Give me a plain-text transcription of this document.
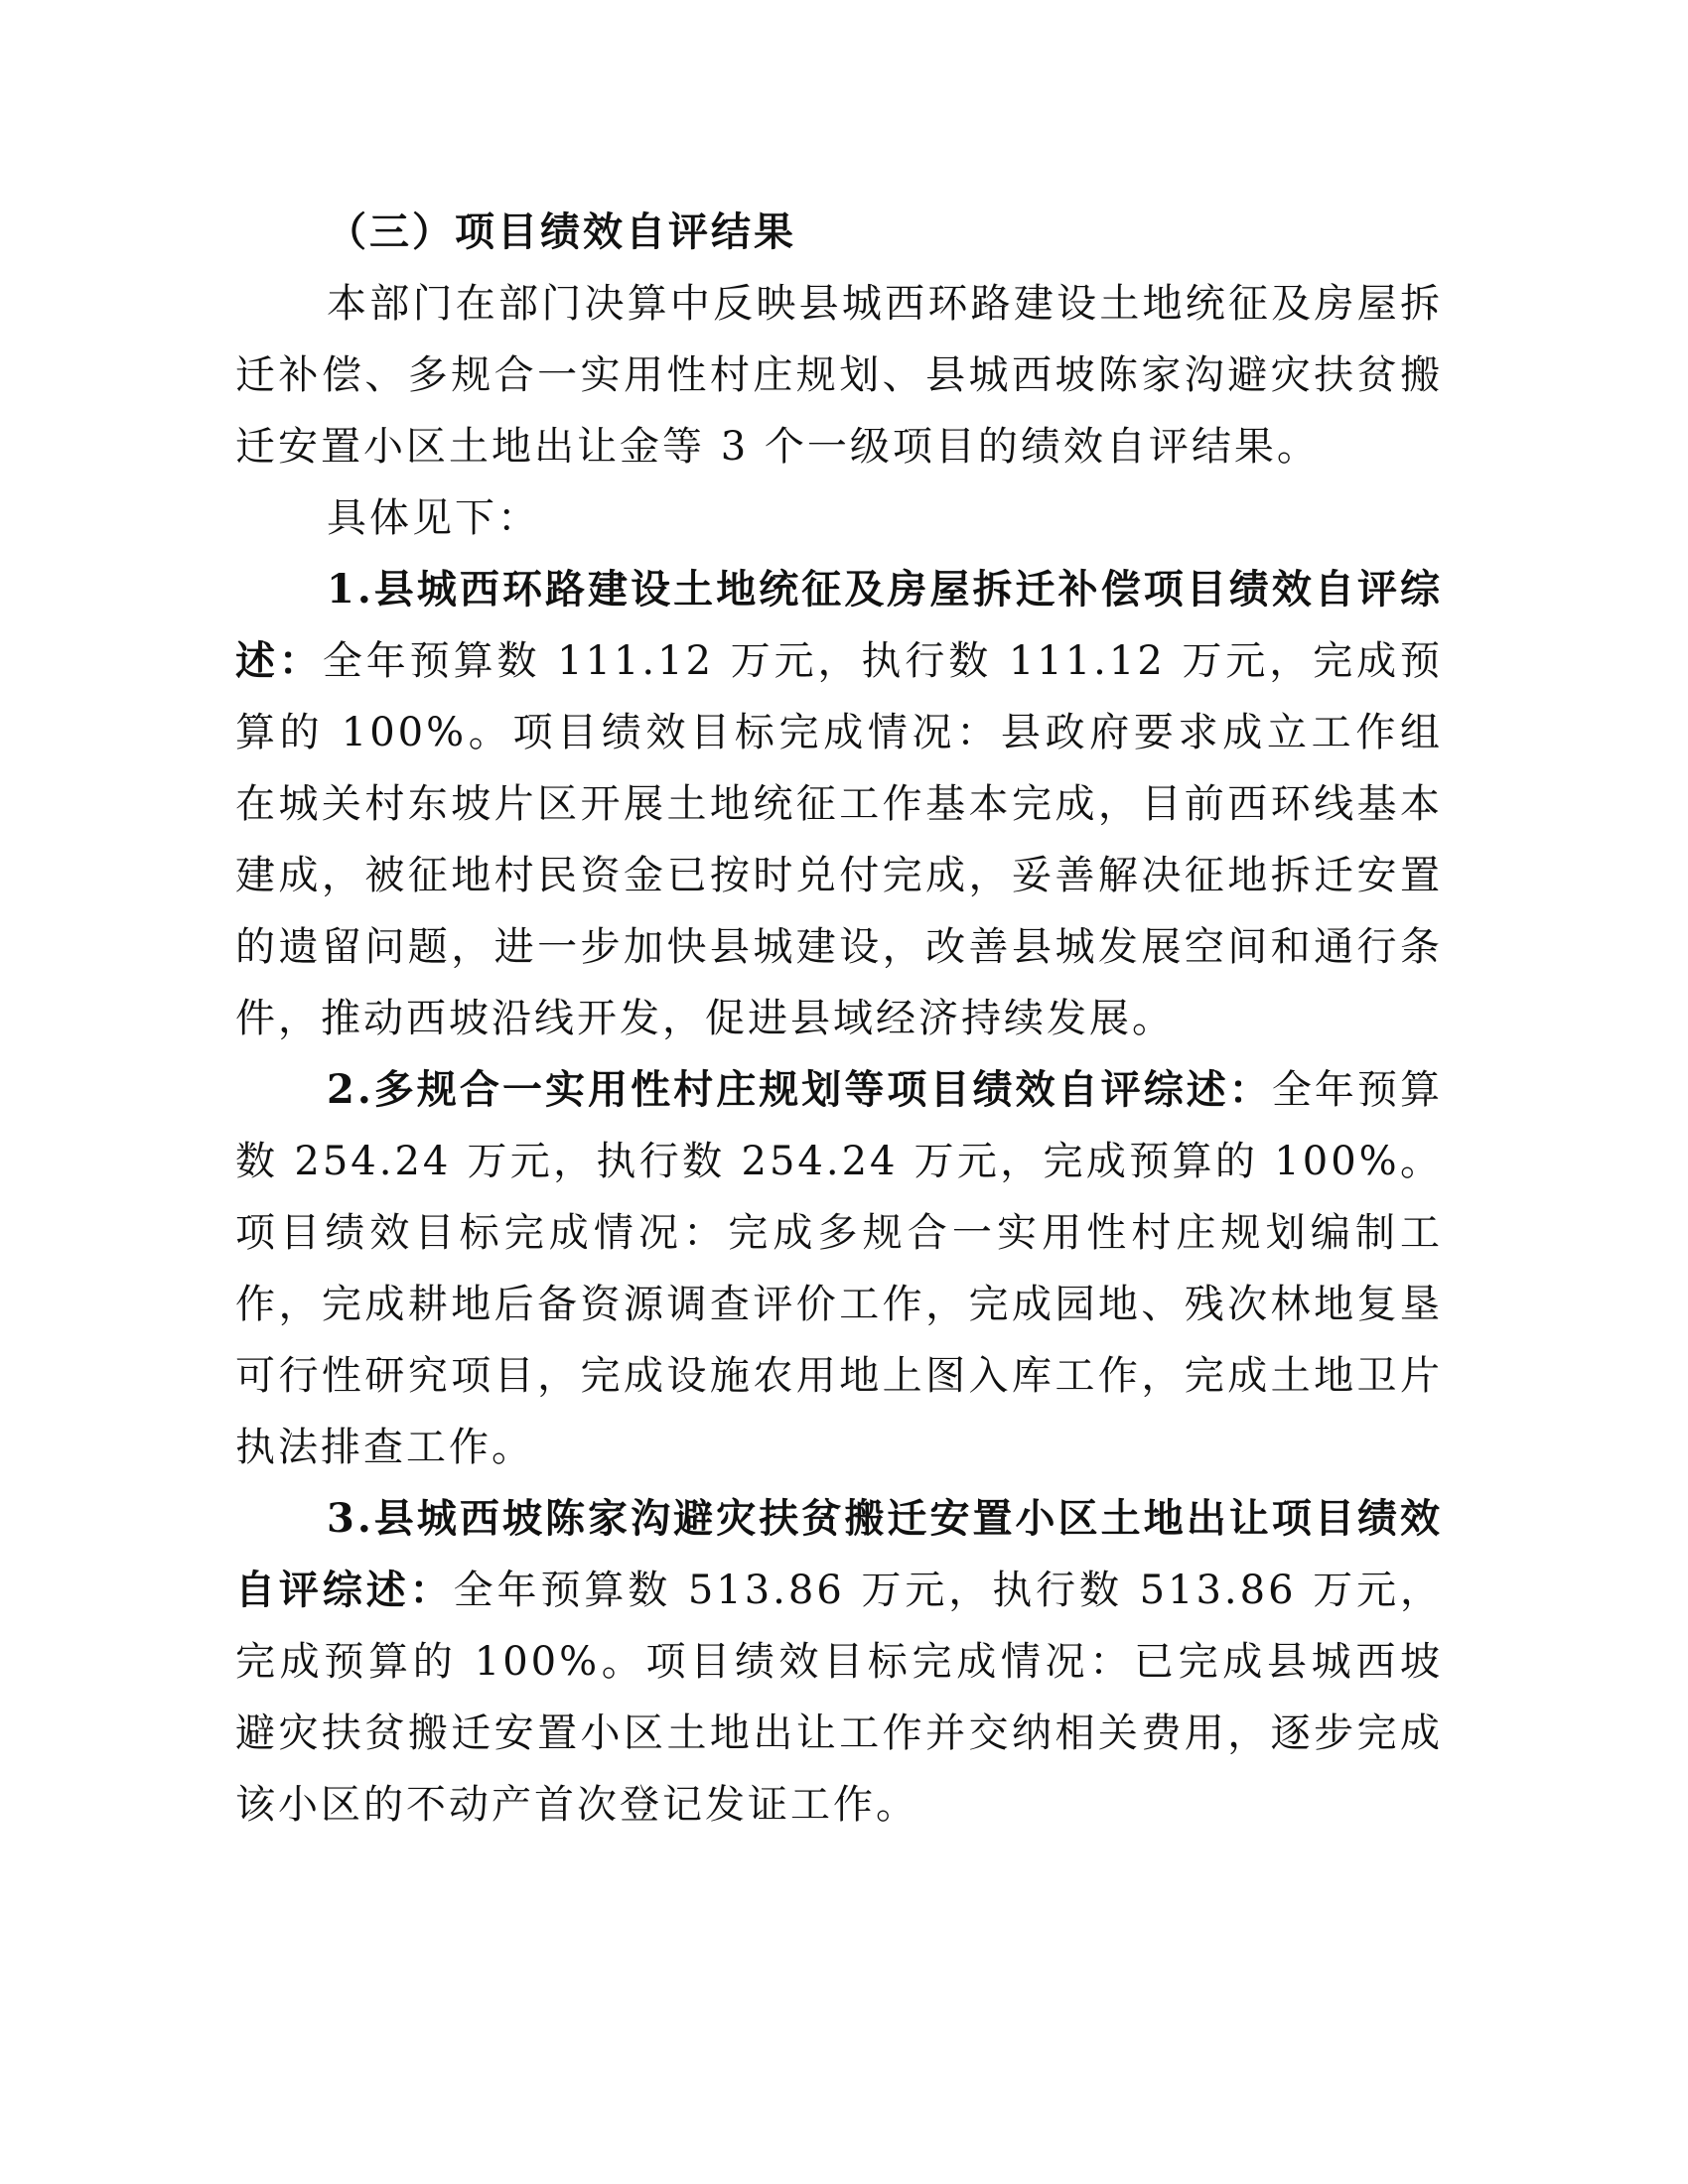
（三）项目绩效自评结果

本部门在部门决算中反映县城西环路建设土地统征及房屋拆迁补偿、多规合一实用性村庄规划、县城西坡陈家沟避灾扶贫搬迁安置小区土地出让金等 3 个一级项目的绩效自评结果。

具体见下：

1.县城西环路建设土地统征及房屋拆迁补偿项目绩效自评综述：全年预算数 111.12 万元，执行数 111.12 万元，完成预算的 100%。项目绩效目标完成情况：县政府要求成立工作组在城关村东坡片区开展土地统征工作基本完成，目前西环线基本建成，被征地村民资金已按时兑付完成，妥善解决征地拆迁安置的遗留问题，进一步加快县城建设，改善县城发展空间和通行条件，推动西坡沿线开发，促进县域经济持续发展。

2.多规合一实用性村庄规划等项目绩效自评综述：全年预算数 254.24 万元，执行数 254.24 万元，完成预算的 100%。项目绩效目标完成情况：完成多规合一实用性村庄规划编制工作，完成耕地后备资源调查评价工作，完成园地、残次林地复垦可行性研究项目，完成设施农用地上图入库工作，完成土地卫片执法排查工作。

3.县城西坡陈家沟避灾扶贫搬迁安置小区土地出让项目绩效自评综述：全年预算数 513.86 万元，执行数 513.86 万元，完成预算的 100%。项目绩效目标完成情况：已完成县城西坡避灾扶贫搬迁安置小区土地出让工作并交纳相关费用，逐步完成该小区的不动产首次登记发证工作。
